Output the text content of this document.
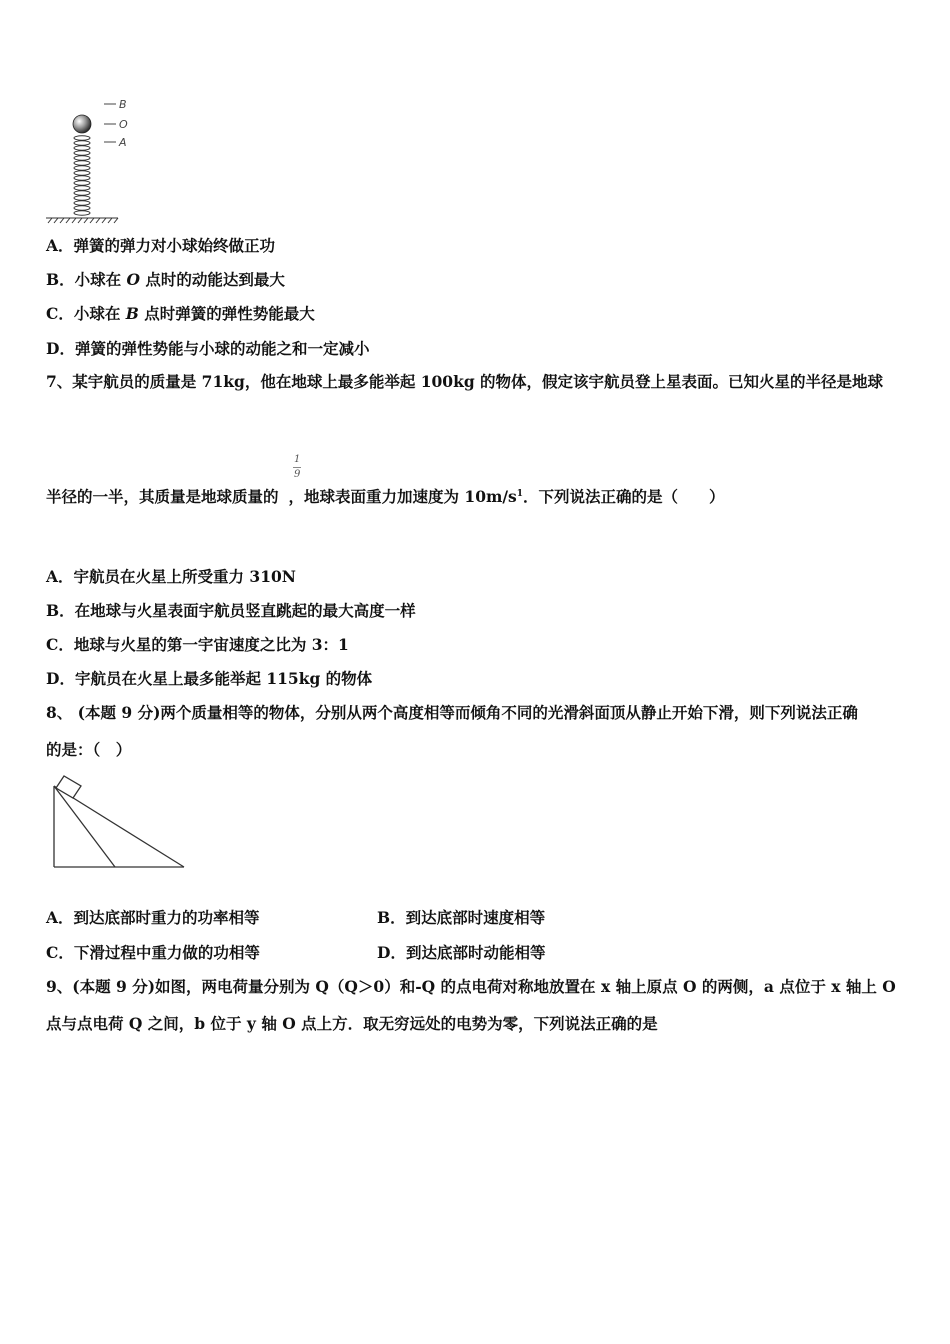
B
O
A
A．弹簧的弹力对小球始终做正功
B．小球在 O 点时的动能达到最大
C．小球在 B 点时弹簧的弹性势能最大
D．弹簧的弹性势能与小球的动能之和一定减小
7、某宇航员的质量是 71kg，他在地球上最多能举起 100kg 的物体，假定该宇航员登上星表面。已知火星的半径是地球
$\frac{1}{9}$
半径的一半，其质量是地球质量的 ，地球表面重力加速度为 $10m/s^1$．下列说法正确的是（　　）
A．宇航员在火星上所受重力 310N
B．在地球与火星表面宇航员竖直跳起的最大高度一样
C．地球与火星的第一宇宙速度之比为 3：1
D．宇航员在火星上最多能举起 115kg 的物体
8、 (本题 9 分)两个质量相等的物体，分别从两个高度相等而倾角不同的光滑斜面顶从静止开始下滑，则下列说法正确
的是：（　）
A．到达底部时重力的功率相等	B．到达底部时速度相等
C．下滑过程中重力做的功相等	D．到达底部时动能相等
9、(本题 9 分)如图，两电荷量分别为 Q（Q＞0）和-Q 的点电荷对称地放置在 x 轴上原点 O 的两侧，a 点位于 x 轴上 O
点与点电荷 Q 之间，b 位于 y 轴 O 点上方．取无穷远处的电势为零，下列说法正确的是
